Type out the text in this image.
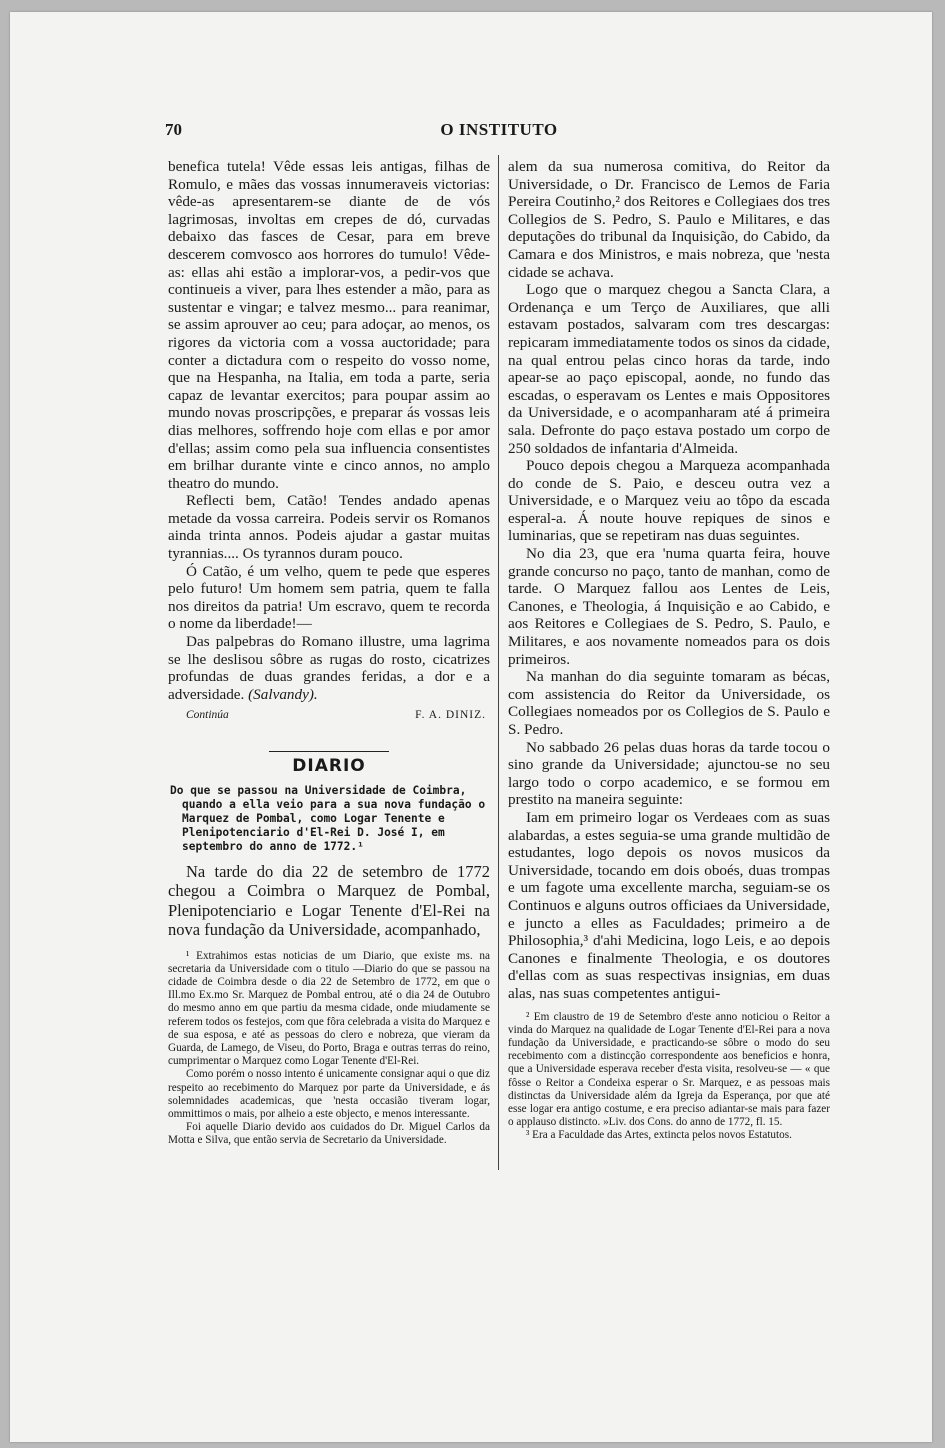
70	O INSTITUTO

benefica tutela! Vêde essas leis antigas, filhas de Romulo, e mães das vossas innumeraveis victorias: vêde-as apresentarem-se diante de de vós lagrimosas, involtas em crepes de dó, curvadas debaixo das fasces de Cesar, para em breve descerem comvosco aos horrores do tumulo! Vêde-as: ellas ahi estão a implorar-vos, a pedir-vos que continueis a viver, para lhes estender a mão, para as sustentar e vingar; e talvez mesmo... para reanimar, se assim aprouver ao ceu; para adoçar, ao menos, os rigores da victoria com a vossa auctoridade; para conter a dictadura com o respeito do vosso nome, que na Hespanha, na Italia, em toda a parte, seria capaz de levantar exercitos; para poupar assim ao mundo novas proscripções, e preparar ás vossas leis dias melhores, soffrendo hoje com ellas e por amor d'ellas; assim como pela sua influencia consentistes em brilhar durante vinte e cinco annos, no amplo theatro do mundo.

Reflecti bem, Catão! Tendes andado apenas metade da vossa carreira. Podeis servir os Romanos ainda trinta annos. Podeis ajudar a gastar muitas tyrannias.... Os tyrannos duram pouco.

Ó Catão, é um velho, quem te pede que esperes pelo futuro! Um homem sem patria, quem te falla nos direitos da patria! Um escravo, quem te recorda o nome da liberdade!—

Das palpebras do Romano illustre, uma lagrima se lhe deslisou sôbre as rugas do rosto, cicatrizes profundas de duas grandes feridas, a dor e a adversidade. (Salvandy).

Continúa	F. A. DINIZ.
DIARIO
Do que se passou na Universidade de Coimbra, quando a ella veio para a sua nova fundação o Marquez de Pombal, como Logar Tenente e Plenipotenciario d'El-Rei D. José I, em septembro do anno de 1772.¹

Na tarde do dia 22 de setembro de 1772 chegou a Coimbra o Marquez de Pombal, Plenipotenciario e Logar Tenente d'El-Rei na nova fundação da Universidade, acompanhado,

¹ Extrahimos estas noticias de um Diario, que existe ms. na secretaria da Universidade com o titulo —Diario do que se passou na cidade de Coimbra desde o dia 22 de Setembro de 1772, em que o Ill.mo Ex.mo Sr. Marquez de Pombal entrou, até o dia 24 de Outubro do mesmo anno em que partiu da mesma cidade, onde miudamente se referem todos os festejos, com que fôra celebrada a visita do Marquez e de sua esposa, e até as pessoas do clero e nobreza, que vieram da Guarda, de Lamego, de Viseu, do Porto, Braga e outras terras do reino, cumprimentar o Marquez como Logar Tenente d'El-Rei.

Como porém o nosso intento é unicamente consignar aqui o que diz respeito ao recebimento do Marquez por parte da Universidade, e ás solemnidades academicas, que 'nesta occasião tiveram logar, ommittimos o mais, por alheio a este objecto, e menos interessante.

Foi aquelle Diario devido aos cuidados do Dr. Miguel Carlos da Motta e Silva, que então servia de Secretario da Universidade.

alem da sua numerosa comitiva, do Reitor da Universidade, o Dr. Francisco de Lemos de Faria Pereira Coutinho,² dos Reitores e Collegiaes dos tres Collegios de S. Pedro, S. Paulo e Militares, e das deputações do tribunal da Inquisição, do Cabido, da Camara e dos Ministros, e mais nobreza, que 'nesta cidade se achava.

Logo que o marquez chegou a Sancta Clara, a Ordenança e um Terço de Auxiliares, que alli estavam postados, salvaram com tres descargas: repicaram immediatamente todos os sinos da cidade, na qual entrou pelas cinco horas da tarde, indo apear-se ao paço episcopal, aonde, no fundo das escadas, o esperavam os Lentes e mais Oppositores da Universidade, e o acompanharam até á primeira sala. Defronte do paço estava postado um corpo de 250 soldados de infantaria d'Almeida.

Pouco depois chegou a Marqueza acompanhada do conde de S. Paio, e desceu outra vez a Universidade, e o Marquez veiu ao tôpo da escada esperal-a. Á noute houve repiques de sinos e luminarias, que se repetiram nas duas seguintes.

No dia 23, que era 'numa quarta feira, houve grande concurso no paço, tanto de manhan, como de tarde. O Marquez fallou aos Lentes de Leis, Canones, e Theologia, á Inquisição e ao Cabido, e aos Reitores e Collegiaes de S. Pedro, S. Paulo, e Militares, e aos novamente nomeados para os dois primeiros.

Na manhan do dia seguinte tomaram as bécas, com assistencia do Reitor da Universidade, os Collegiaes nomeados por os Collegios de S. Paulo e S. Pedro.

No sabbado 26 pelas duas horas da tarde tocou o sino grande da Universidade; ajunctou-se no seu largo todo o corpo academico, e se formou em prestito na maneira seguinte:

Iam em primeiro logar os Verdeaes com as suas alabardas, a estes seguia-se uma grande multidão de estudantes, logo depois os novos musicos da Universidade, tocando em dois oboés, duas trompas e um fagote uma excellente marcha, seguiam-se os Continuos e alguns outros officiaes da Universidade, e juncto a elles as Faculdades; primeiro a de Philosophia,³ d'ahi Medicina, logo Leis, e ao depois Canones e finalmente Theologia, e os doutores d'ellas com as suas respectivas insignias, em duas alas, nas suas competentes antigui-

² Em claustro de 19 de Setembro d'este anno noticiou o Reitor a vinda do Marquez na qualidade de Logar Tenente d'El-Rei para a nova fundação da Universidade, e practicando-se sôbre o modo do seu recebimento com a distincção correspondente aos beneficios e honra, que a Universidade esperava receber d'esta visita, resolveu-se — « que fôsse o Reitor a Condeixa esperar o Sr. Marquez, e as pessoas mais distinctas da Universidade além da Igreja da Esperança, por que até esse logar era antigo costume, e era preciso adiantar-se mais para fazer o applauso distincto. »Liv. dos Cons. do anno de 1772, fl. 15.

³ Era a Faculdade das Artes, extincta pelos novos Estatutos.
